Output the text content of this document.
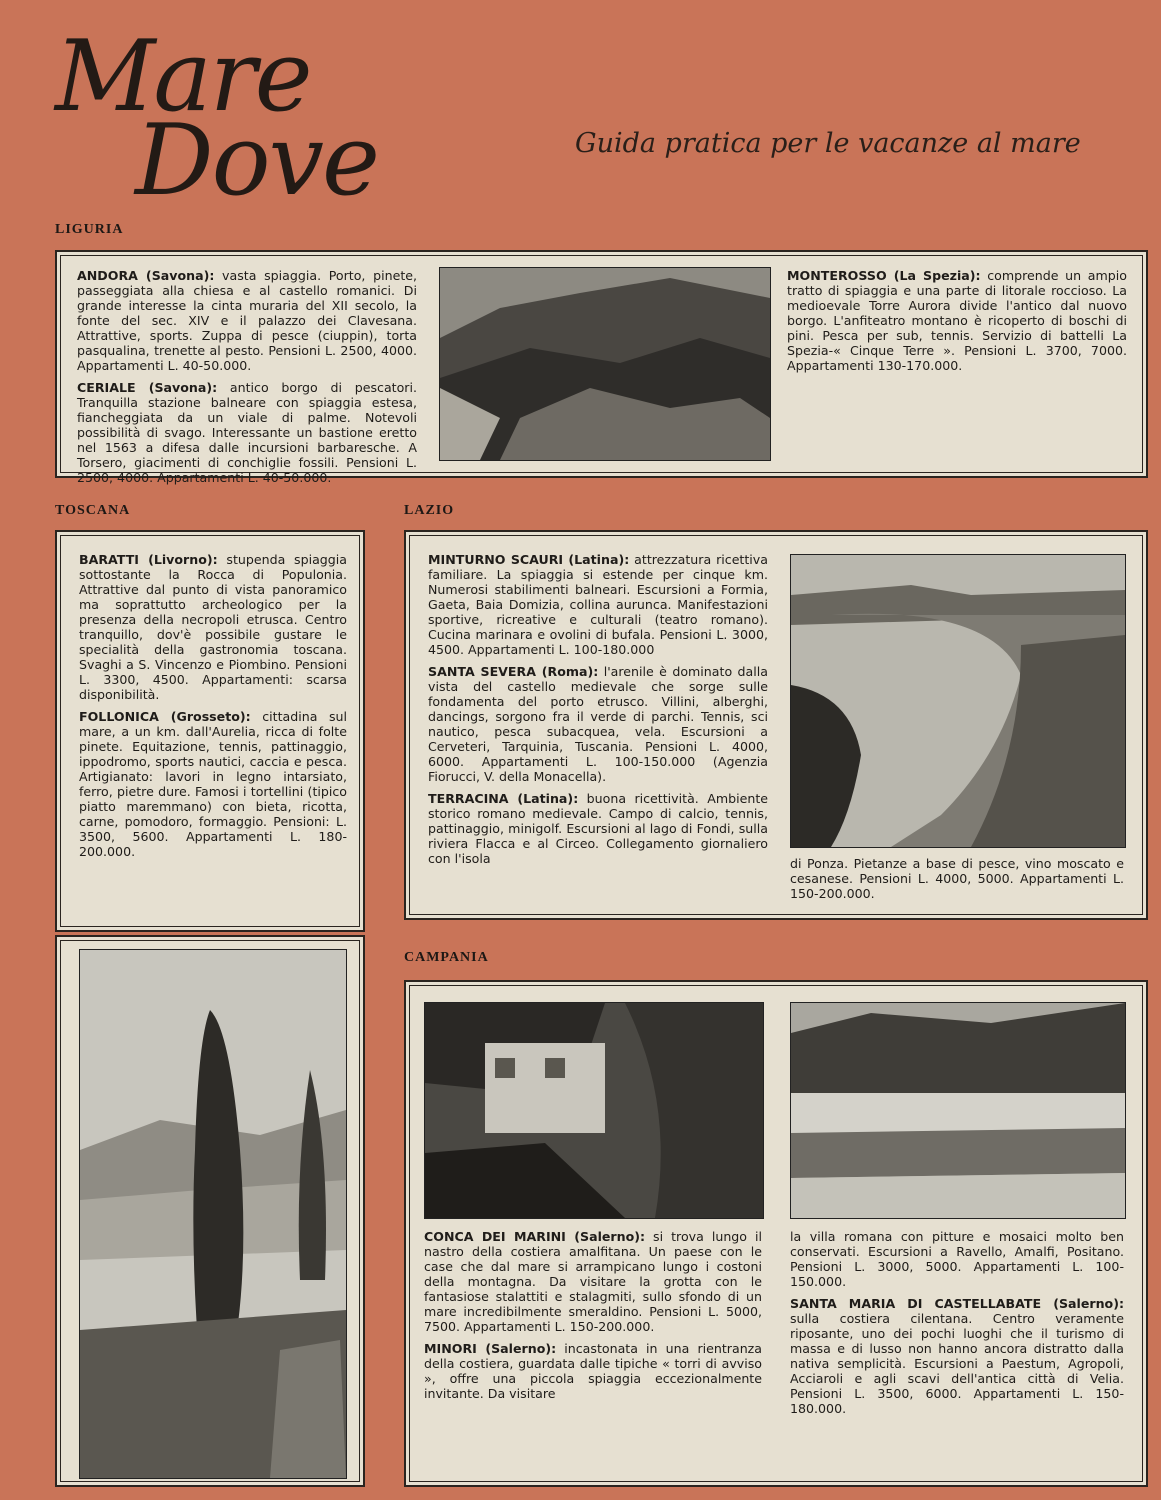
Mare
Dove	Guida pratica per le vacanze al mare
LIGURIA

ANDORA (Savona): vasta spiaggia. Porto, pinete, passeggiata alla chiesa e al castello romanici. Di grande interesse la cinta muraria del XII secolo, la fonte del sec. XIV e il palazzo dei Clavesana. Attrattive, sports. Zuppa di pesce (ciuppin), torta pasqualina, trenette al pesto. Pensioni L. 2500, 4000. Appartamenti L. 40-50.000.

CERIALE (Savona): antico borgo di pescatori. Tranquilla stazione balneare con spiaggia estesa, fiancheggiata da un viale di palme. Notevoli possibilità di svago. Interessante un bastione eretto nel 1563 a difesa dalle incursioni barbaresche. A Torsero, giacimenti di conchiglie fossili. Pensioni L. 2500, 4000. Appartamenti L. 40-50.000.

MONTEROSSO (La Spezia): comprende un ampio tratto di spiaggia e una parte di litorale roccioso. La medioevale Torre Aurora divide l'antico dal nuovo borgo. L'anfiteatro montano è ricoperto di boschi di pini. Pesca per sub, tennis. Servizio di battelli La Spezia-« Cinque Terre ». Pensioni L. 3700, 7000. Appartamenti 130-170.000.

TOSCANA

BARATTI (Livorno): stupenda spiaggia sottostante la Rocca di Populonia. Attrattive dal punto di vista panoramico ma soprattutto archeologico per la presenza della necropoli etrusca. Centro tranquillo, dov'è possibile gustare le specialità della gastronomia toscana. Svaghi a S. Vincenzo e Piombino. Pensioni L. 3300, 4500. Appartamenti: scarsa disponibilità.

FOLLONICA (Grosseto): cittadina sul mare, a un km. dall'Aurelia, ricca di folte pinete. Equitazione, tennis, pattinaggio, ippodromo, sports nautici, caccia e pesca. Artigianato: lavori in legno intarsiato, ferro, pietre dure. Famosi i tortellini (tipico piatto maremmano) con bieta, ricotta, carne, pomodoro, formaggio. Pensioni: L. 3500, 5600. Appartamenti L. 180-200.000.

LAZIO

MINTURNO SCAURI (Latina): attrezzatura ricettiva familiare. La spiaggia si estende per cinque km. Numerosi stabilimenti balneari. Escursioni a Formia, Gaeta, Baia Domizia, collina aurunca. Manifestazioni sportive, ricreative e culturali (teatro romano). Cucina marinara e ovolini di bufala. Pensioni L. 3000, 4500. Appartamenti L. 100-180.000

SANTA SEVERA (Roma): l'arenile è dominato dalla vista del castello medievale che sorge sulle fondamenta del porto etrusco. Villini, alberghi, dancings, sorgono fra il verde di parchi. Tennis, sci nautico, pesca subacquea, vela. Escursioni a Cerveteri, Tarquinia, Tuscania. Pensioni L. 4000, 6000. Appartamenti L. 100-150.000 (Agenzia Fiorucci, V. della Monacella).

TERRACINA (Latina): buona ricettività. Ambiente storico romano medievale. Campo di calcio, tennis, pattinaggio, minigolf. Escursioni al lago di Fondi, sulla riviera Flacca e al Circeo. Collegamento giornaliero con l'isola	di Ponza. Pietanze a base di pesce, vino moscato e cesanese. Pensioni L. 4000, 5000. Appartamenti L. 150-200.000.

CAMPANIA

CONCA DEI MARINI (Salerno): si trova lungo il nastro della costiera amalfitana. Un paese con le case che dal mare si arrampicano lungo i costoni della montagna. Da visitare la grotta con le fantasiose stalattiti e stalagmiti, sullo sfondo di un mare incredibilmente smeraldino. Pensioni L. 5000, 7500. Appartamenti L. 150-200.000.

MINORI (Salerno): incastonata in una rientranza della costiera, guardata dalle tipiche « torri di avviso », offre una piccola spiaggia eccezionalmente invitante. Da visitare

la villa romana con pitture e mosaici molto ben conservati. Escursioni a Ravello, Amalfi, Positano. Pensioni L. 3000, 5000. Appartamenti L. 100-150.000.

SANTA MARIA DI CASTELLABATE (Salerno): sulla costiera cilentana. Centro veramente riposante, uno dei pochi luoghi che il turismo di massa e di lusso non hanno ancora distratto dalla nativa semplicità. Escursioni a Paestum, Agropoli, Acciaroli e agli scavi dell'antica città di Velia. Pensioni L. 3500, 6000. Appartamenti L. 150-180.000.
